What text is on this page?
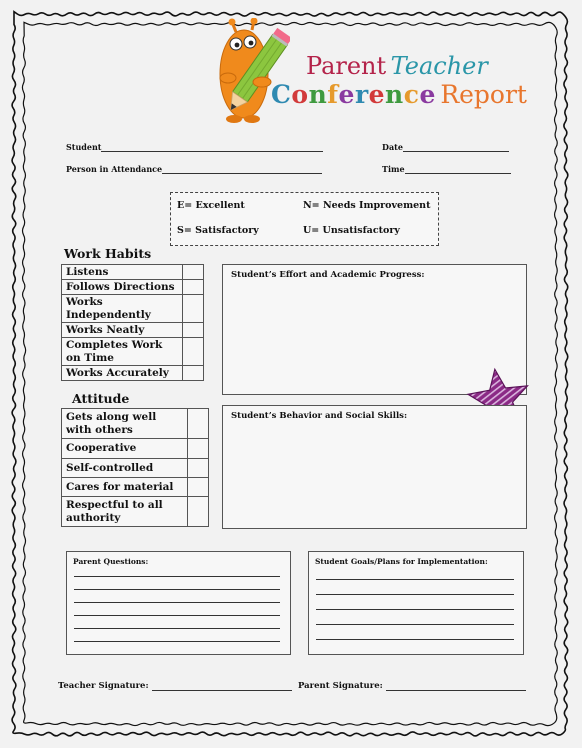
Parent Teacher
Conference Report
Student	Date
Person in Attendance	Time
E= Excellent	N= Needs Improvement
S= Satisfactory	U= Unsatisfactory
Work Habits
Listens	

Follows Directions	

Works
Independently	

Works Neatly	

Completes Work
on Time	

Works Accurately	

Attitude
Gets along well
with others	

Cooperative	

Self-controlled	

Cares for material	

Respectful to all
authority	

Student’s Effort and Academic Progress:
Student’s Behavior and Social Skills:
Parent Questions:	Student Goals/Plans for Implementation:
Teacher Signature:	Parent Signature:
